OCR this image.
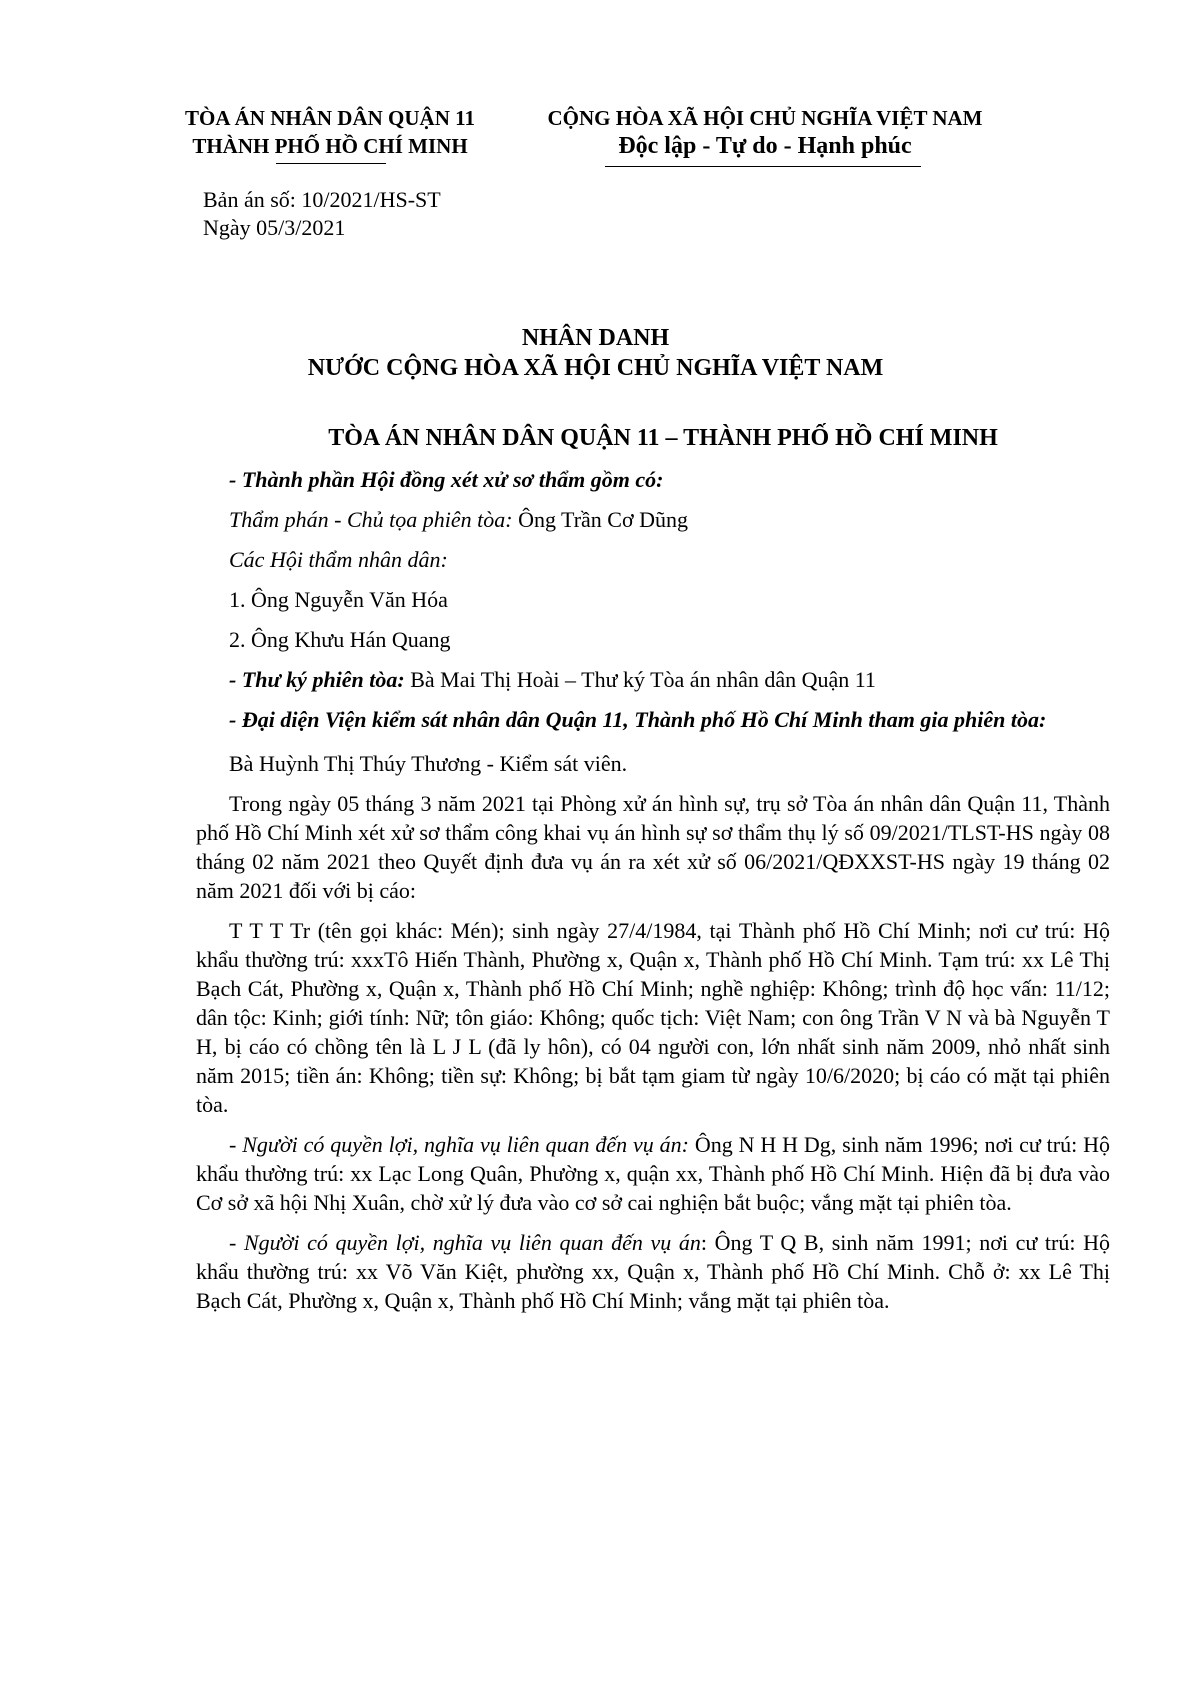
TÒA ÁN NHÂN DÂN QUẬN 11
THÀNH PHỐ HỒ CHÍ MINH
CỘNG HÒA XÃ HỘI CHỦ NGHĨA VIỆT NAM
Độc lập - Tự do - Hạnh phúc
Bản án số: 10/2021/HS-ST
Ngày 05/3/2021
NHÂN DANH
NƯỚC CỘNG HÒA XÃ HỘI CHỦ NGHĨA VIỆT NAM
TÒA ÁN NHÂN DÂN QUẬN 11 – THÀNH PHỐ HỒ CHÍ MINH
- Thành phần Hội đồng xét xử sơ thẩm gồm có:
Thẩm phán - Chủ tọa phiên tòa: Ông Trần Cơ Dũng
Các Hội thẩm nhân dân:
1. Ông Nguyễn Văn Hóa
2. Ông Khưu Hán Quang
- Thư ký phiên tòa: Bà Mai Thị Hoài – Thư ký Tòa án nhân dân Quận 11
- Đại diện Viện kiểm sát nhân dân Quận 11, Thành phố Hồ Chí Minh tham gia phiên tòa:
Bà Huỳnh Thị Thúy Thương - Kiểm sát viên.
Trong ngày 05 tháng 3 năm 2021 tại Phòng xử án hình sự, trụ sở Tòa án nhân dân Quận 11, Thành phố Hồ Chí Minh xét xử sơ thẩm công khai vụ án hình sự sơ thẩm thụ lý số 09/2021/TLST-HS ngày 08 tháng 02 năm 2021 theo Quyết định đưa vụ án ra xét xử số 06/2021/QĐXXST-HS ngày 19 tháng 02 năm 2021 đối với bị cáo:
T T T Tr (tên gọi khác: Mén); sinh ngày 27/4/1984, tại Thành phố Hồ Chí Minh; nơi cư trú: Hộ khẩu thường trú: xxxTô Hiến Thành, Phường x, Quận x, Thành phố Hồ Chí Minh. Tạm trú: xx Lê Thị Bạch Cát, Phường x, Quận x, Thành phố Hồ Chí Minh; nghề nghiệp: Không; trình độ học vấn: 11/12; dân tộc: Kinh; giới tính: Nữ; tôn giáo: Không; quốc tịch: Việt Nam; con ông Trần V N và bà Nguyễn T H, bị cáo có chồng tên là L J L (đã ly hôn), có 04 người con, lớn nhất sinh năm 2009, nhỏ nhất sinh năm 2015; tiền án: Không; tiền sự: Không; bị bắt tạm giam từ ngày 10/6/2020; bị cáo có mặt tại phiên tòa.
- Người có quyền lợi, nghĩa vụ liên quan đến vụ án: Ông N H H Dg, sinh năm 1996; nơi cư trú: Hộ khẩu thường trú: xx Lạc Long Quân, Phường x, quận xx, Thành phố Hồ Chí Minh. Hiện đã bị đưa vào Cơ sở xã hội Nhị Xuân, chờ xử lý đưa vào cơ sở cai nghiện bắt buộc; vắng mặt tại phiên tòa.
- Người có quyền lợi, nghĩa vụ liên quan đến vụ án: Ông T Q B, sinh năm 1991; nơi cư trú: Hộ khẩu thường trú: xx Võ Văn Kiệt, phường xx, Quận x, Thành phố Hồ Chí Minh. Chỗ ở: xx Lê Thị Bạch Cát, Phường x, Quận x, Thành phố Hồ Chí Minh; vắng mặt tại phiên tòa.
